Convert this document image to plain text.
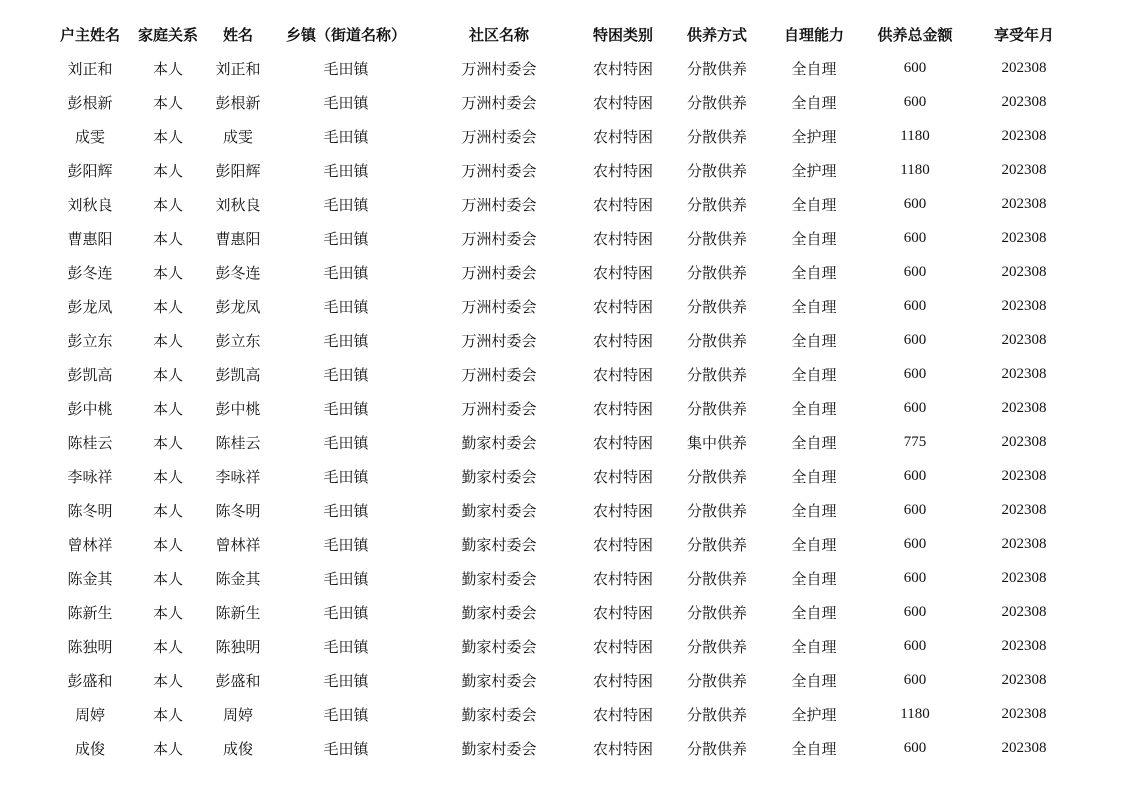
户主姓名	家庭关系	姓名	乡镇（街道名称）	社区名称	特困类别	供养方式	自理能力	供养总金额	享受年月
刘正和	本人	刘正和	毛田镇	万洲村委会	农村特困	分散供养	全自理	600	202308
彭根新	本人	彭根新	毛田镇	万洲村委会	农村特困	分散供养	全自理	600	202308
成雯	本人	成雯	毛田镇	万洲村委会	农村特困	分散供养	全护理	1180	202308
彭阳辉	本人	彭阳辉	毛田镇	万洲村委会	农村特困	分散供养	全护理	1180	202308
刘秋良	本人	刘秋良	毛田镇	万洲村委会	农村特困	分散供养	全自理	600	202308
曹惠阳	本人	曹惠阳	毛田镇	万洲村委会	农村特困	分散供养	全自理	600	202308
彭冬连	本人	彭冬连	毛田镇	万洲村委会	农村特困	分散供养	全自理	600	202308
彭龙凤	本人	彭龙凤	毛田镇	万洲村委会	农村特困	分散供养	全自理	600	202308
彭立东	本人	彭立东	毛田镇	万洲村委会	农村特困	分散供养	全自理	600	202308
彭凯高	本人	彭凯高	毛田镇	万洲村委会	农村特困	分散供养	全自理	600	202308
彭中桃	本人	彭中桃	毛田镇	万洲村委会	农村特困	分散供养	全自理	600	202308
陈桂云	本人	陈桂云	毛田镇	勤家村委会	农村特困	集中供养	全自理	775	202308
李咏祥	本人	李咏祥	毛田镇	勤家村委会	农村特困	分散供养	全自理	600	202308
陈冬明	本人	陈冬明	毛田镇	勤家村委会	农村特困	分散供养	全自理	600	202308
曾林祥	本人	曾林祥	毛田镇	勤家村委会	农村特困	分散供养	全自理	600	202308
陈金其	本人	陈金其	毛田镇	勤家村委会	农村特困	分散供养	全自理	600	202308
陈新生	本人	陈新生	毛田镇	勤家村委会	农村特困	分散供养	全自理	600	202308
陈独明	本人	陈独明	毛田镇	勤家村委会	农村特困	分散供养	全自理	600	202308
彭盛和	本人	彭盛和	毛田镇	勤家村委会	农村特困	分散供养	全自理	600	202308
周婷	本人	周婷	毛田镇	勤家村委会	农村特困	分散供养	全护理	1180	202308
成俊	本人	成俊	毛田镇	勤家村委会	农村特困	分散供养	全自理	600	202308
